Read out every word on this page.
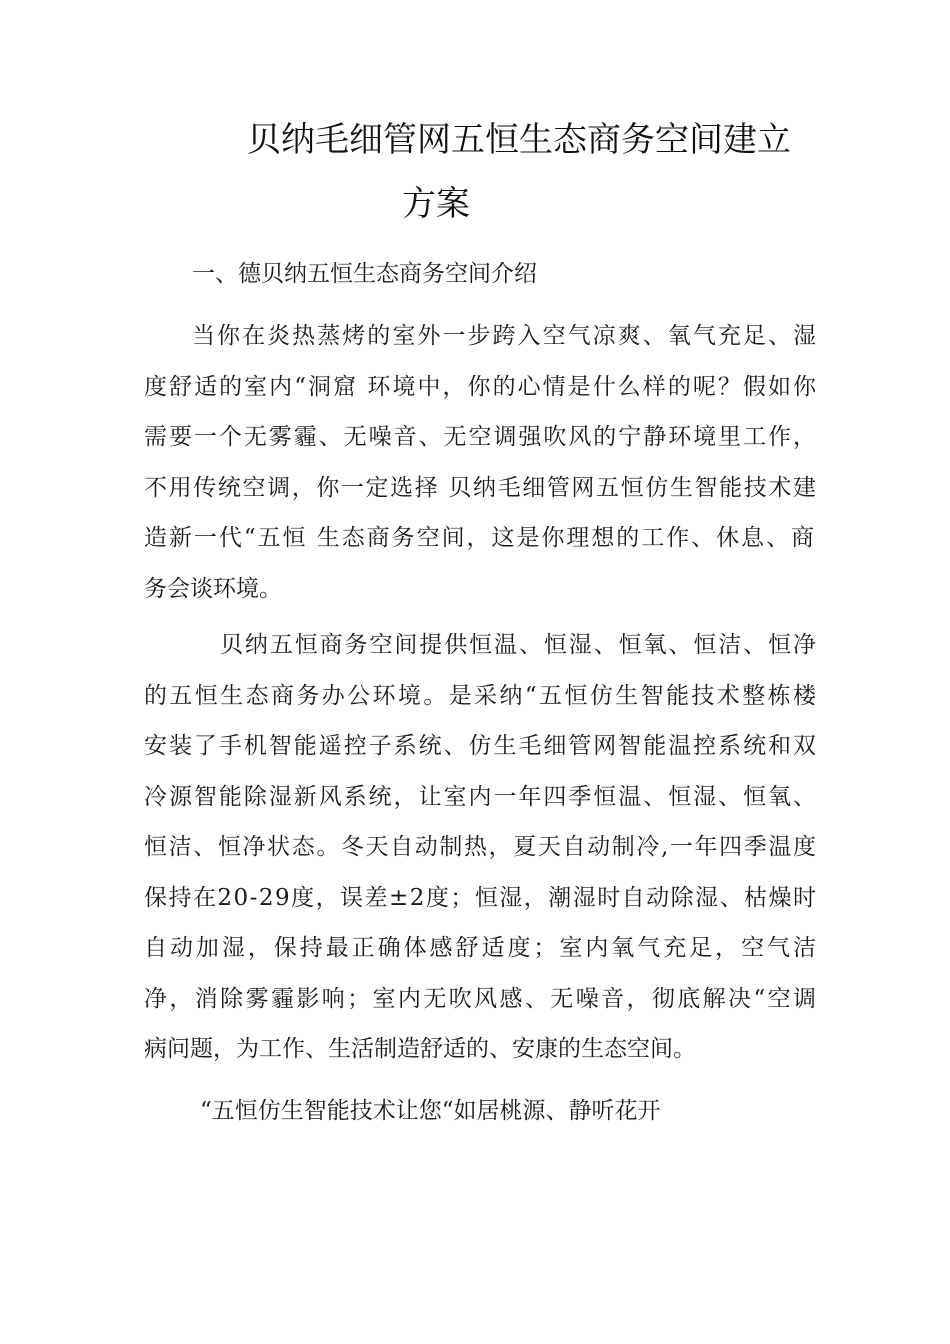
贝纳毛细管网五恒生态商务空间建立
方案
一、德贝纳五恒生态商务空间介绍
当你在炎热蒸烤的室外一步跨入空气凉爽、氧气充足、湿
度舒适的室内“洞窟 环境中，你的心情是什么样的呢？假如你
需要一个无雾霾、无噪音、无空调强吹风的宁静环境里工作，
不用传统空调，你一定选择 贝纳毛细管网五恒仿生智能技术建
造新一代“五恒 生态商务空间，这是你理想的工作、休息、商
务会谈环境。
贝纳五恒商务空间提供恒温、恒湿、恒氧、恒洁、恒净
的五恒生态商务办公环境。是采纳“五恒仿生智能技术整栋楼
安装了手机智能遥控子系统、仿生毛细管网智能温控系统和双
冷源智能除湿新风系统，让室内一年四季恒温、恒湿、恒氧、
恒洁、恒净状态。冬天自动制热，夏天自动制冷,一年四季温度
保持在20-29度，误差±2度；恒湿，潮湿时自动除湿、枯燥时
自动加湿，保持最正确体感舒适度；室内氧气充足，空气洁
净，消除雾霾影响；室内无吹风感、无噪音，彻底解决“空调
病问题，为工作、生活制造舒适的、安康的生态空间。
“五恒仿生智能技术让您“如居桃源、静听花开
